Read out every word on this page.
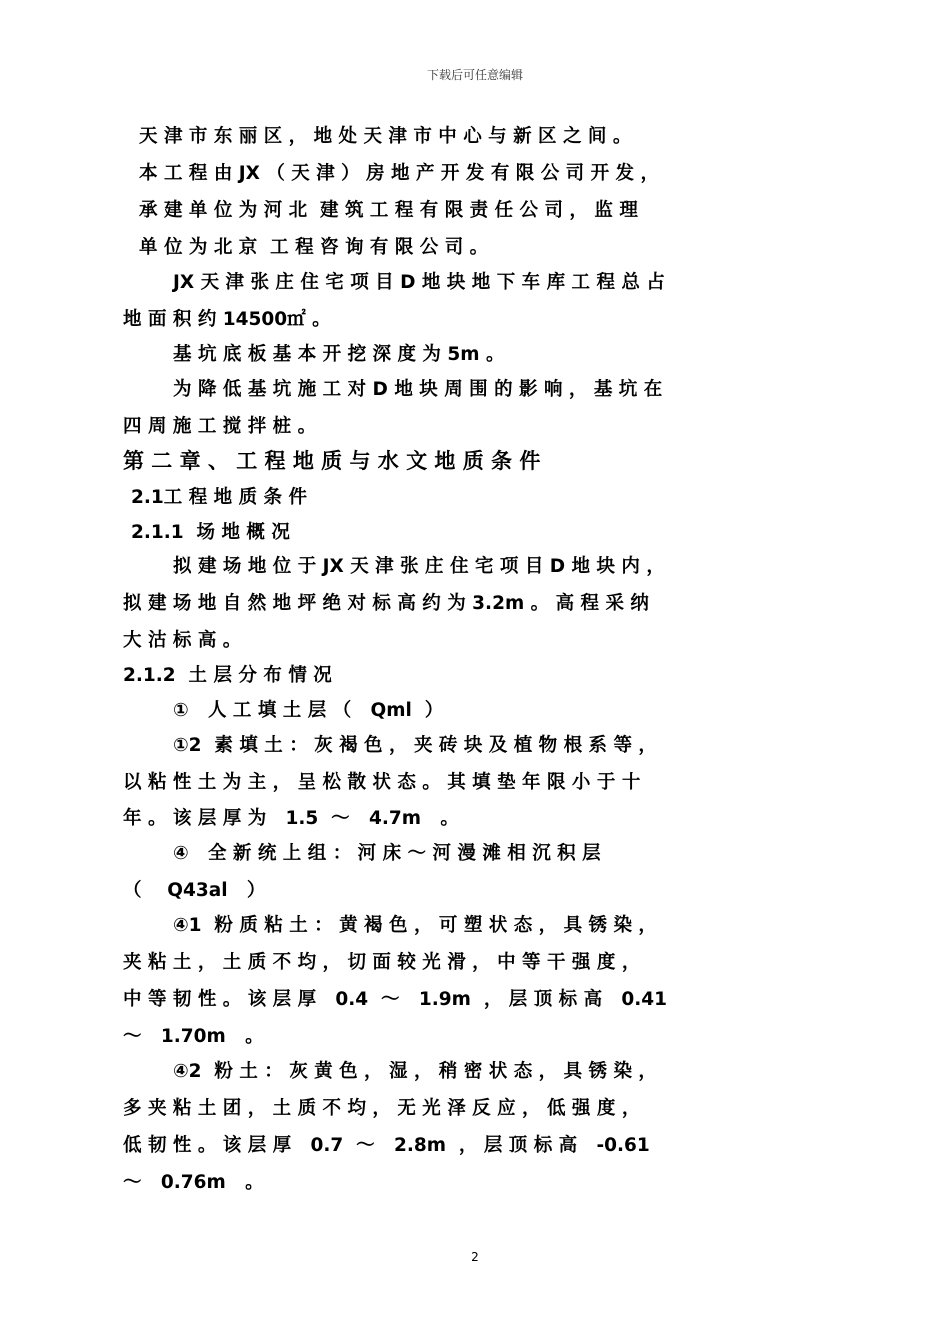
下载后可任意编辑
天 津 市 东 丽 区 ， 地 处 天 津 市 中 心 与 新 区 之 间 。
本 工 程 由 JX （ 天 津 ） 房 地 产 开 发 有 限 公 司 开 发 ，
承 建 单 位 为 河 北  建 筑 工 程 有 限 责 任 公 司 ， 监 理
单 位 为 北 京  工 程 咨 询 有 限 公 司 。
JX 天 津 张 庄 住 宅 项 目 D 地 块 地 下 车 库 工 程 总 占
地 面 积 约 14500㎡ 。
基 坑 底 板 基 本 开 挖 深 度 为 5m 。
为 降 低 基 坑 施 工 对 D 地 块 周 围 的 影 响 ， 基 坑 在
四 周 施 工 搅 拌 桩 。
第 二 章 、 工 程 地 质 与 水 文 地 质 条 件
2.1工 程 地 质 条 件
2.1.1  场 地 概 况
拟 建 场 地 位 于 JX 天 津 张 庄 住 宅 项 目 D 地 块 内 ，
拟 建 场 地 自 然 地 坪 绝 对 标 高 约 为 3.2m 。 高 程 采 纳
大 沽 标 高 。
2.1.2  土 层 分 布 情 况
①   人 工 填 土 层 （   Qml  ）
①2  素 填 土 ： 灰 褐 色 ， 夹 砖 块 及 植 物 根 系 等 ，
以 粘 性 土 为 主 ， 呈 松 散 状 态 。 其 填 垫 年 限 小 于 十
年 。 该 层 厚 为   1.5  ～   4.7m   。
④   全 新 统 上 组 ： 河 床 ～ 河 漫 滩 相 沉 积 层
（    Q43al   ）
④1  粉 质 粘 土 ： 黄 褐 色 ， 可 塑 状 态 ， 具 锈 染 ，
夹 粘 土 ， 土 质 不 均 ， 切 面 较 光 滑 ， 中 等 干 强 度 ，
中 等 韧 性 。 该 层 厚   0.4  ～   1.9m  ， 层 顶 标 高   0.41
～   1.70m   。
④2  粉 土 ： 灰 黄 色 ， 湿 ， 稍 密 状 态 ， 具 锈 染 ，
多 夹 粘 土 团 ， 土 质 不 均 ， 无 光 泽 反 应 ， 低 强 度 ，
低 韧 性 。 该 层 厚   0.7  ～   2.8m  ， 层 顶 标 高   -0.61
～   0.76m   。
2
